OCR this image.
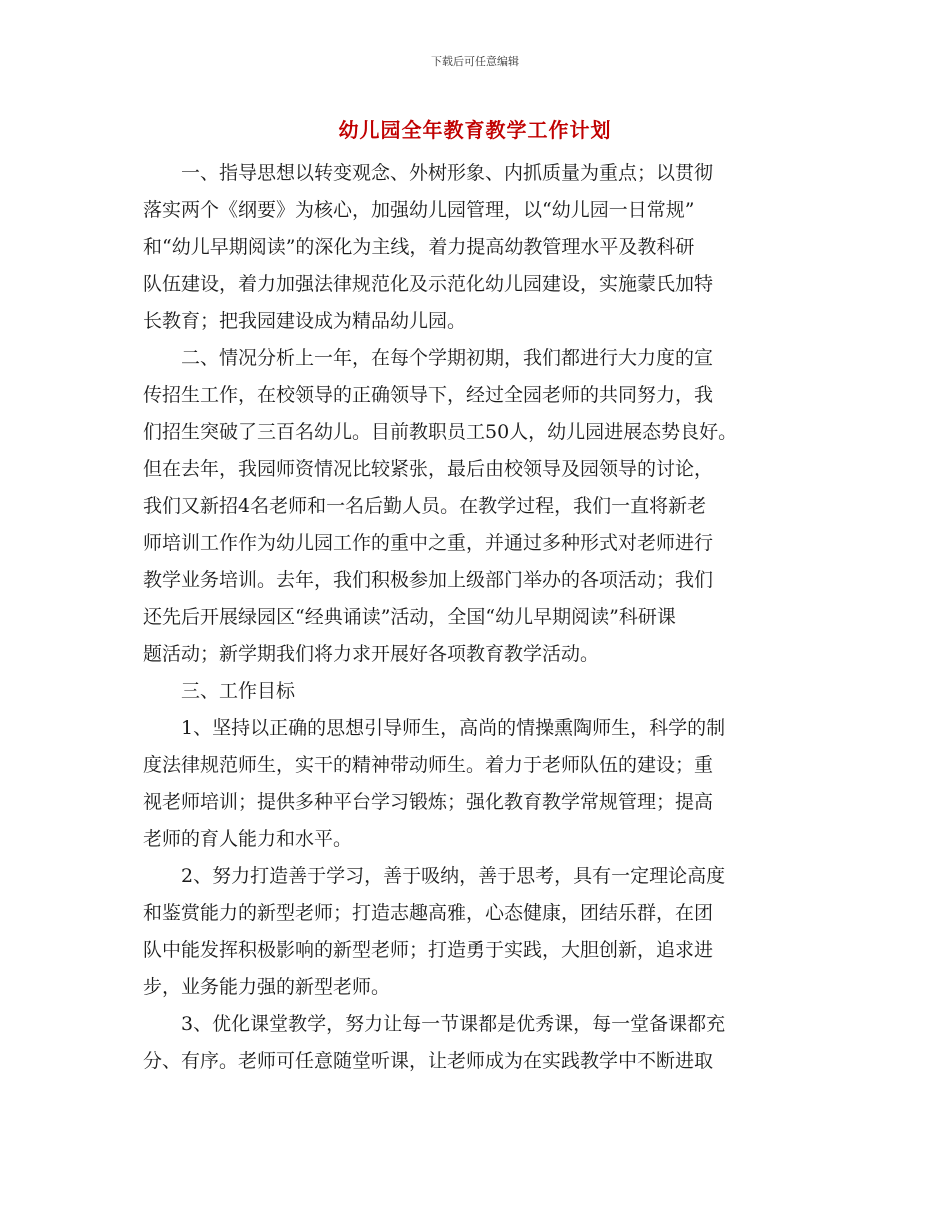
下载后可任意编辑
幼儿园全年教育教学工作计划
一、指导思想以转变观念、外树形象、内抓质量为重点；以贯彻
落实两个《纲要》为核心，加强幼儿园管理，以“幼儿园一日常规”
和“幼儿早期阅读”的深化为主线，着力提高幼教管理水平及教科研
队伍建设，着力加强法律规范化及示范化幼儿园建设，实施蒙氏加特
长教育；把我园建设成为精品幼儿园。
二、情况分析上一年，在每个学期初期，我们都进行大力度的宣
传招生工作，在校领导的正确领导下，经过全园老师的共同努力，我
们招生突破了三百名幼儿。目前教职员工50人，幼儿园进展态势良好。
但在去年，我园师资情况比较紧张，最后由校领导及园领导的讨论，
我们又新招4名老师和一名后勤人员。在教学过程，我们一直将新老
师培训工作作为幼儿园工作的重中之重，并通过多种形式对老师进行
教学业务培训。去年，我们积极参加上级部门举办的各项活动；我们
还先后开展绿园区“经典诵读”活动，全国“幼儿早期阅读”科研课
题活动；新学期我们将力求开展好各项教育教学活动。
三、工作目标
1、坚持以正确的思想引导师生，高尚的情操熏陶师生，科学的制
度法律规范师生，实干的精神带动师生。着力于老师队伍的建设；重
视老师培训；提供多种平台学习锻炼；强化教育教学常规管理；提高
老师的育人能力和水平。
2、努力打造善于学习，善于吸纳，善于思考，具有一定理论高度
和鉴赏能力的新型老师；打造志趣高雅，心态健康，团结乐群，在团
队中能发挥积极影响的新型老师；打造勇于实践，大胆创新，追求进
步，业务能力强的新型老师。
3、优化课堂教学，努力让每一节课都是优秀课，每一堂备课都充
分、有序。老师可任意随堂听课，让老师成为在实践教学中不断进取
